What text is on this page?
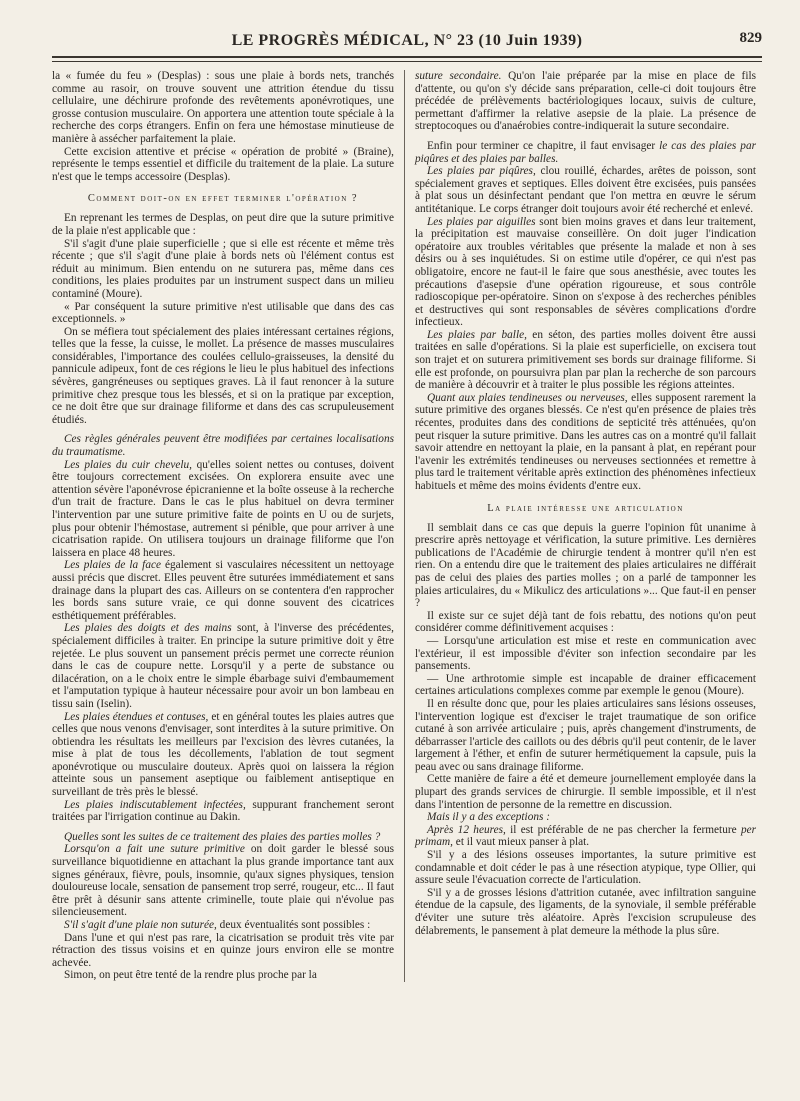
LE PROGRÈS MÉDICAL, N° 23 (10 Juin 1939)	829

la « fumée du feu » (Desplas) : sous une plaie à bords nets, tranchés comme au rasoir, on trouve souvent une attrition étendue du tissu cellulaire, une déchirure profonde des revêtements aponévrotiques, une grosse contusion musculaire. On apportera une attention toute spéciale à la recherche des corps étrangers. Enfin on fera une hémostase minutieuse de manière à assécher parfaitement la plaie.

Cette excision attentive et précise « opération de probité » (Braine), représente le temps essentiel et difficile du traitement de la plaie. La suture n'est que le temps accessoire (Desplas).

Comment doit-on en effet terminer l'opération ?

En reprenant les termes de Desplas, on peut dire que la suture primitive de la plaie n'est applicable que :

S'il s'agit d'une plaie superficielle ; que si elle est récente et même très récente ; que s'il s'agit d'une plaie à bords nets où l'élément contus est réduit au minimum. Bien entendu on ne suturera pas, même dans ces conditions, les plaies produites par un instrument suspect dans un milieu contaminé (Moure).

« Par conséquent la suture primitive n'est utilisable que dans des cas exceptionnels. »

On se méfiera tout spécialement des plaies intéressant certaines régions, telles que la fesse, la cuisse, le mollet. La présence de masses musculaires considérables, l'importance des coulées cellulo-graisseuses, la densité du pannicule adipeux, font de ces régions le lieu le plus habituel des infections sévères, gangréneuses ou septiques graves. Là il faut renoncer à la suture primitive chez presque tous les blessés, et si on la pratique par exception, ce ne doit être que sur drainage filiforme et dans des cas scrupuleusement étudiés.

Ces règles générales peuvent être modifiées par certaines localisations du traumatisme.

Les plaies du cuir chevelu, qu'elles soient nettes ou contuses, doivent être toujours correctement excisées. On explorera ensuite avec une attention sévère l'aponévrose épicranienne et la boîte osseuse à la recherche d'un trait de fracture. Dans le cas le plus habituel on devra terminer l'intervention par une suture primitive faite de points en U ou de surjets, plus pour obtenir l'hémostase, autrement si pénible, que pour arriver à une cicatrisation rapide. On utilisera toujours un drainage filiforme que l'on laissera en place 48 heures.

Les plaies de la face également si vasculaires nécessitent un nettoyage aussi précis que discret. Elles peuvent être suturées immédiatement et sans drainage dans la plupart des cas. Ailleurs on se contentera d'en rapprocher les bords sans suture vraie, ce qui donne souvent des cicatrices esthétiquement préférables.

Les plaies des doigts et des mains sont, à l'inverse des précédentes, spécialement difficiles à traiter. En principe la suture primitive doit y être rejetée. Le plus souvent un pansement précis permet une correcte réunion dans le cas de coupure nette. Lorsqu'il y a perte de substance ou dilacération, on a le choix entre le simple ébarbage suivi d'embaumement et l'amputation typique à hauteur nécessaire pour avoir un bon lambeau en tissu sain (Iselin).

Les plaies étendues et contuses, et en général toutes les plaies autres que celles que nous venons d'envisager, sont interdites à la suture primitive. On obtiendra les résultats les meilleurs par l'excision des lèvres cutanées, la mise à plat de tous les décollements, l'ablation de tout segment aponévrotique ou musculaire douteux. Après quoi on laissera la région atteinte sous un pansement aseptique ou faiblement antiseptique en surveillant de très près le blessé.

Les plaies indiscutablement infectées, suppurant franchement seront traitées par l'irrigation continue au Dakin.

Quelles sont les suites de ce traitement des plaies des parties molles ?

Lorsqu'on a fait une suture primitive on doit garder le blessé sous surveillance biquotidienne en attachant la plus grande importance tant aux signes généraux, fièvre, pouls, insomnie, qu'aux signes physiques, tension douloureuse locale, sensation de pansement trop serré, rougeur, etc... Il faut être prêt à désunir sans attente criminelle, toute plaie qui n'évolue pas silencieusement.

S'il s'agit d'une plaie non suturée, deux éventualités sont possibles :

Dans l'une et qui n'est pas rare, la cicatrisation se produit très vite par rétraction des tissus voisins et en quinze jours environ elle se montre achevée.

Simon, on peut être tenté de la rendre plus proche par la

suture secondaire. Qu'on l'aie préparée par la mise en place de fils d'attente, ou qu'on s'y décide sans préparation, celle-ci doit toujours être précédée de prélèvements bactériologiques locaux, suivis de culture, permettant d'affirmer la relative asepsie de la plaie. La présence de streptocoques ou d'anaérobies contre-indiquerait la suture secondaire.

Enfin pour terminer ce chapitre, il faut envisager le cas des plaies par piqûres et des plaies par balles.

Les plaies par piqûres, clou rouillé, échardes, arêtes de poisson, sont spécialement graves et septiques. Elles doivent être excisées, puis pansées à plat sous un désinfectant pendant que l'on mettra en œuvre le sérum antitétanique. Le corps étranger doit toujours avoir été recherché et enlevé.

Les plaies par aiguilles sont bien moins graves et dans leur traitement, la précipitation est mauvaise conseillère. On doit juger l'indication opératoire aux troubles véritables que présente la malade et non à ses désirs ou à ses inquiétudes. Si on estime utile d'opérer, ce qui n'est pas obligatoire, encore ne faut-il le faire que sous anesthésie, avec toutes les précautions d'asepsie d'une opération rigoureuse, et sous contrôle radioscopique per-opératoire. Sinon on s'expose à des recherches pénibles et destructives qui sont responsables de sévères complications d'ordre infectieux.

Les plaies par balle, en séton, des parties molles doivent être aussi traitées en salle d'opérations. Si la plaie est superficielle, on excisera tout son trajet et on suturera primitivement ses bords sur drainage filiforme. Si elle est profonde, on poursuivra plan par plan la recherche de son parcours de manière à découvrir et à traiter le plus possible les régions atteintes.

Quant aux plaies tendineuses ou nerveuses, elles supposent rarement la suture primitive des organes blessés. Ce n'est qu'en présence de plaies très récentes, produites dans des conditions de septicité très atténuées, qu'on peut risquer la suture primitive. Dans les autres cas on a montré qu'il fallait savoir attendre en nettoyant la plaie, en la pansant à plat, en repérant pour l'avenir les extrémités tendineuses ou nerveuses sectionnées et remettre à plus tard le traitement véritable après extinction des phénomènes infectieux habituels et même des moins évidents d'entre eux.

La plaie intéresse une articulation

Il semblait dans ce cas que depuis la guerre l'opinion fût unanime à prescrire après nettoyage et vérification, la suture primitive. Les dernières publications de l'Académie de chirurgie tendent à montrer qu'il n'en est rien. On a entendu dire que le traitement des plaies articulaires ne différait pas de celui des plaies des parties molles ; on a parlé de tamponner les plaies articulaires, du « Mikulicz des articulations »... Que faut-il en penser ?

Il existe sur ce sujet déjà tant de fois rebattu, des notions qu'on peut considérer comme définitivement acquises :

— Lorsqu'une articulation est mise et reste en communication avec l'extérieur, il est impossible d'éviter son infection secondaire par les pansements.

— Une arthrotomie simple est incapable de drainer efficacement certaines articulations complexes comme par exemple le genou (Moure).

Il en résulte donc que, pour les plaies articulaires sans lésions osseuses, l'intervention logique est d'exciser le trajet traumatique de son orifice cutané à son arrivée articulaire ; puis, après changement d'instruments, de débarrasser l'article des caillots ou des débris qu'il peut contenir, de le laver largement à l'éther, et enfin de suturer hermétiquement la capsule, puis la peau avec ou sans drainage filiforme.

Cette manière de faire a été et demeure journellement employée dans la plupart des grands services de chirurgie. Il semble impossible, et il n'est dans l'intention de personne de la remettre en discussion.

Mais il y a des exceptions :

Après 12 heures, il est préférable de ne pas chercher la fermeture per primam, et il vaut mieux panser à plat.

S'il y a des lésions osseuses importantes, la suture primitive est condamnable et doit céder le pas à une résection atypique, type Ollier, qui assure seule l'évacuation correcte de l'articulation.

S'il y a de grosses lésions d'attrition cutanée, avec infiltration sanguine étendue de la capsule, des ligaments, de la synoviale, il semble préférable d'éviter une suture très aléatoire. Après l'excision scrupuleuse des délabrements, le pansement à plat demeure la méthode la plus sûre.
